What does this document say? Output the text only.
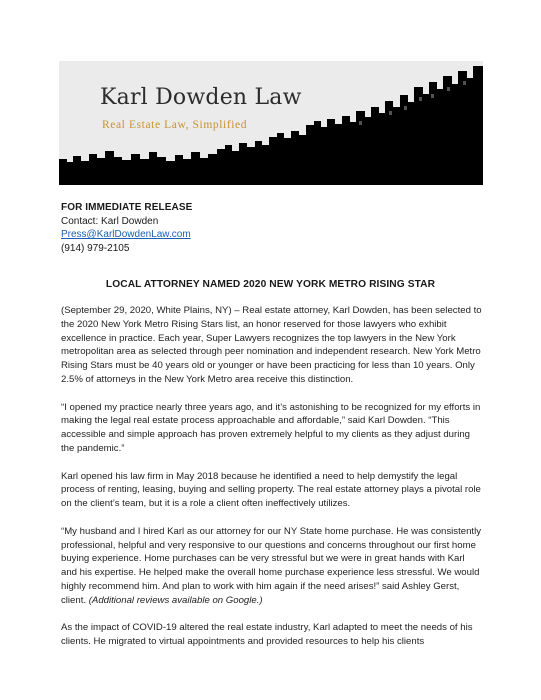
Karl Dowden Law
Real Estate Law, Simplified
FOR IMMEDIATE RELEASE
Contact: Karl Dowden
Press@KarlDowdenLaw.com
(914) 979-2105
LOCAL ATTORNEY NAMED 2020 NEW YORK METRO RISING STAR

(September 29, 2020, White Plains, NY) – Real estate attorney, Karl Dowden, has been selected to the 2020 New York Metro Rising Stars list, an honor reserved for those lawyers who exhibit excellence in practice. Each year, Super Lawyers recognizes the top lawyers in the New York metropolitan area as selected through peer nomination and independent research. New York Metro Rising Stars must be 40 years old or younger or have been practicing for less than 10 years. Only 2.5% of attorneys in the New York Metro area receive this distinction.

“I opened my practice nearly three years ago, and it’s astonishing to be recognized for my efforts in making the legal real estate process approachable and affordable,” said Karl Dowden. “This accessible and simple approach has proven extremely helpful to my clients as they adjust during the pandemic.”

Karl opened his law firm in May 2018 because he identified a need to help demystify the legal process of renting, leasing, buying and selling property. The real estate attorney plays a pivotal role on the client’s team, but it is a role a client often ineffectively utilizes.

“My husband and I hired Karl as our attorney for our NY State home purchase. He was consistently professional, helpful and very responsive to our questions and concerns throughout our first home buying experience. Home purchases can be very stressful but we were in great hands with Karl and his expertise. He helped make the overall home purchase experience less stressful. We would highly recommend him. And plan to work with him again if the need arises!” said Ashley Gerst, client. (Additional reviews available on Google.)

As the impact of COVID-19 altered the real estate industry, Karl adapted to meet the needs of his clients. He migrated to virtual appointments and provided resources to help his clients
